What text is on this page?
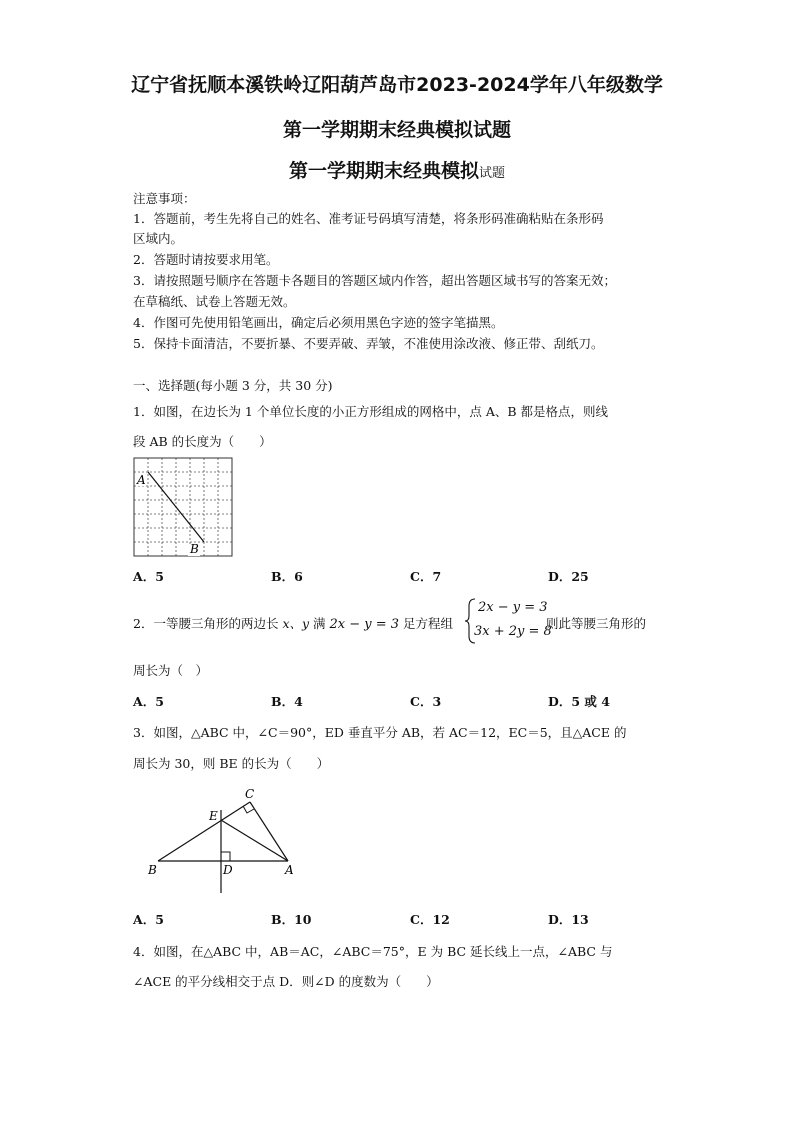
辽宁省抚顺本溪铁岭辽阳葫芦岛市2023-2024学年八年级数学
第一学期期末经典模拟试题
第一学期期末经典模拟试题
注意事项：
1．答题前，考生先将自己的姓名、准考证号码填写清楚，将条形码准确粘贴在条形码
区域内。
2．答题时请按要求用笔。
3．请按照题号顺序在答题卡各题目的答题区域内作答，超出答题区域书写的答案无效；
在草稿纸、试卷上答题无效。
4．作图可先使用铅笔画出，确定后必须用黑色字迹的签字笔描黑。
5．保持卡面清洁，不要折暴、不要弄破、弄皱，不准使用涂改液、修正带、刮纸刀。
一、选择题(每小题 3 分，共 30 分)
1．如图，在边长为 1 个单位长度的小正方形组成的网格中，点 A、B 都是格点，则线
段 AB 的长度为（　　）
A
B
A．5	B．6	C．7	D．25
2．一等腰三角形的两边长 x、y 满 2x − y = 3 足方程组
2x − y = 3
3x + 2y = 8
则此等腰三角形的
周长为（　）
A．5	B．4	C．3	D．5 或 4
3．如图，△ABC 中，∠C＝90°，ED 垂直平分 AB，若 AC＝12，EC＝5，且△ACE 的
周长为 30，则 BE 的长为（　　）
C
E
B	D	A
A．5	B．10	C．12	D．13
4．如图，在△ABC 中，AB＝AC，∠ABC＝75°，E 为 BC 延长线上一点，∠ABC 与
∠ACE 的平分线相交于点 D．则∠D 的度数为（　　）
